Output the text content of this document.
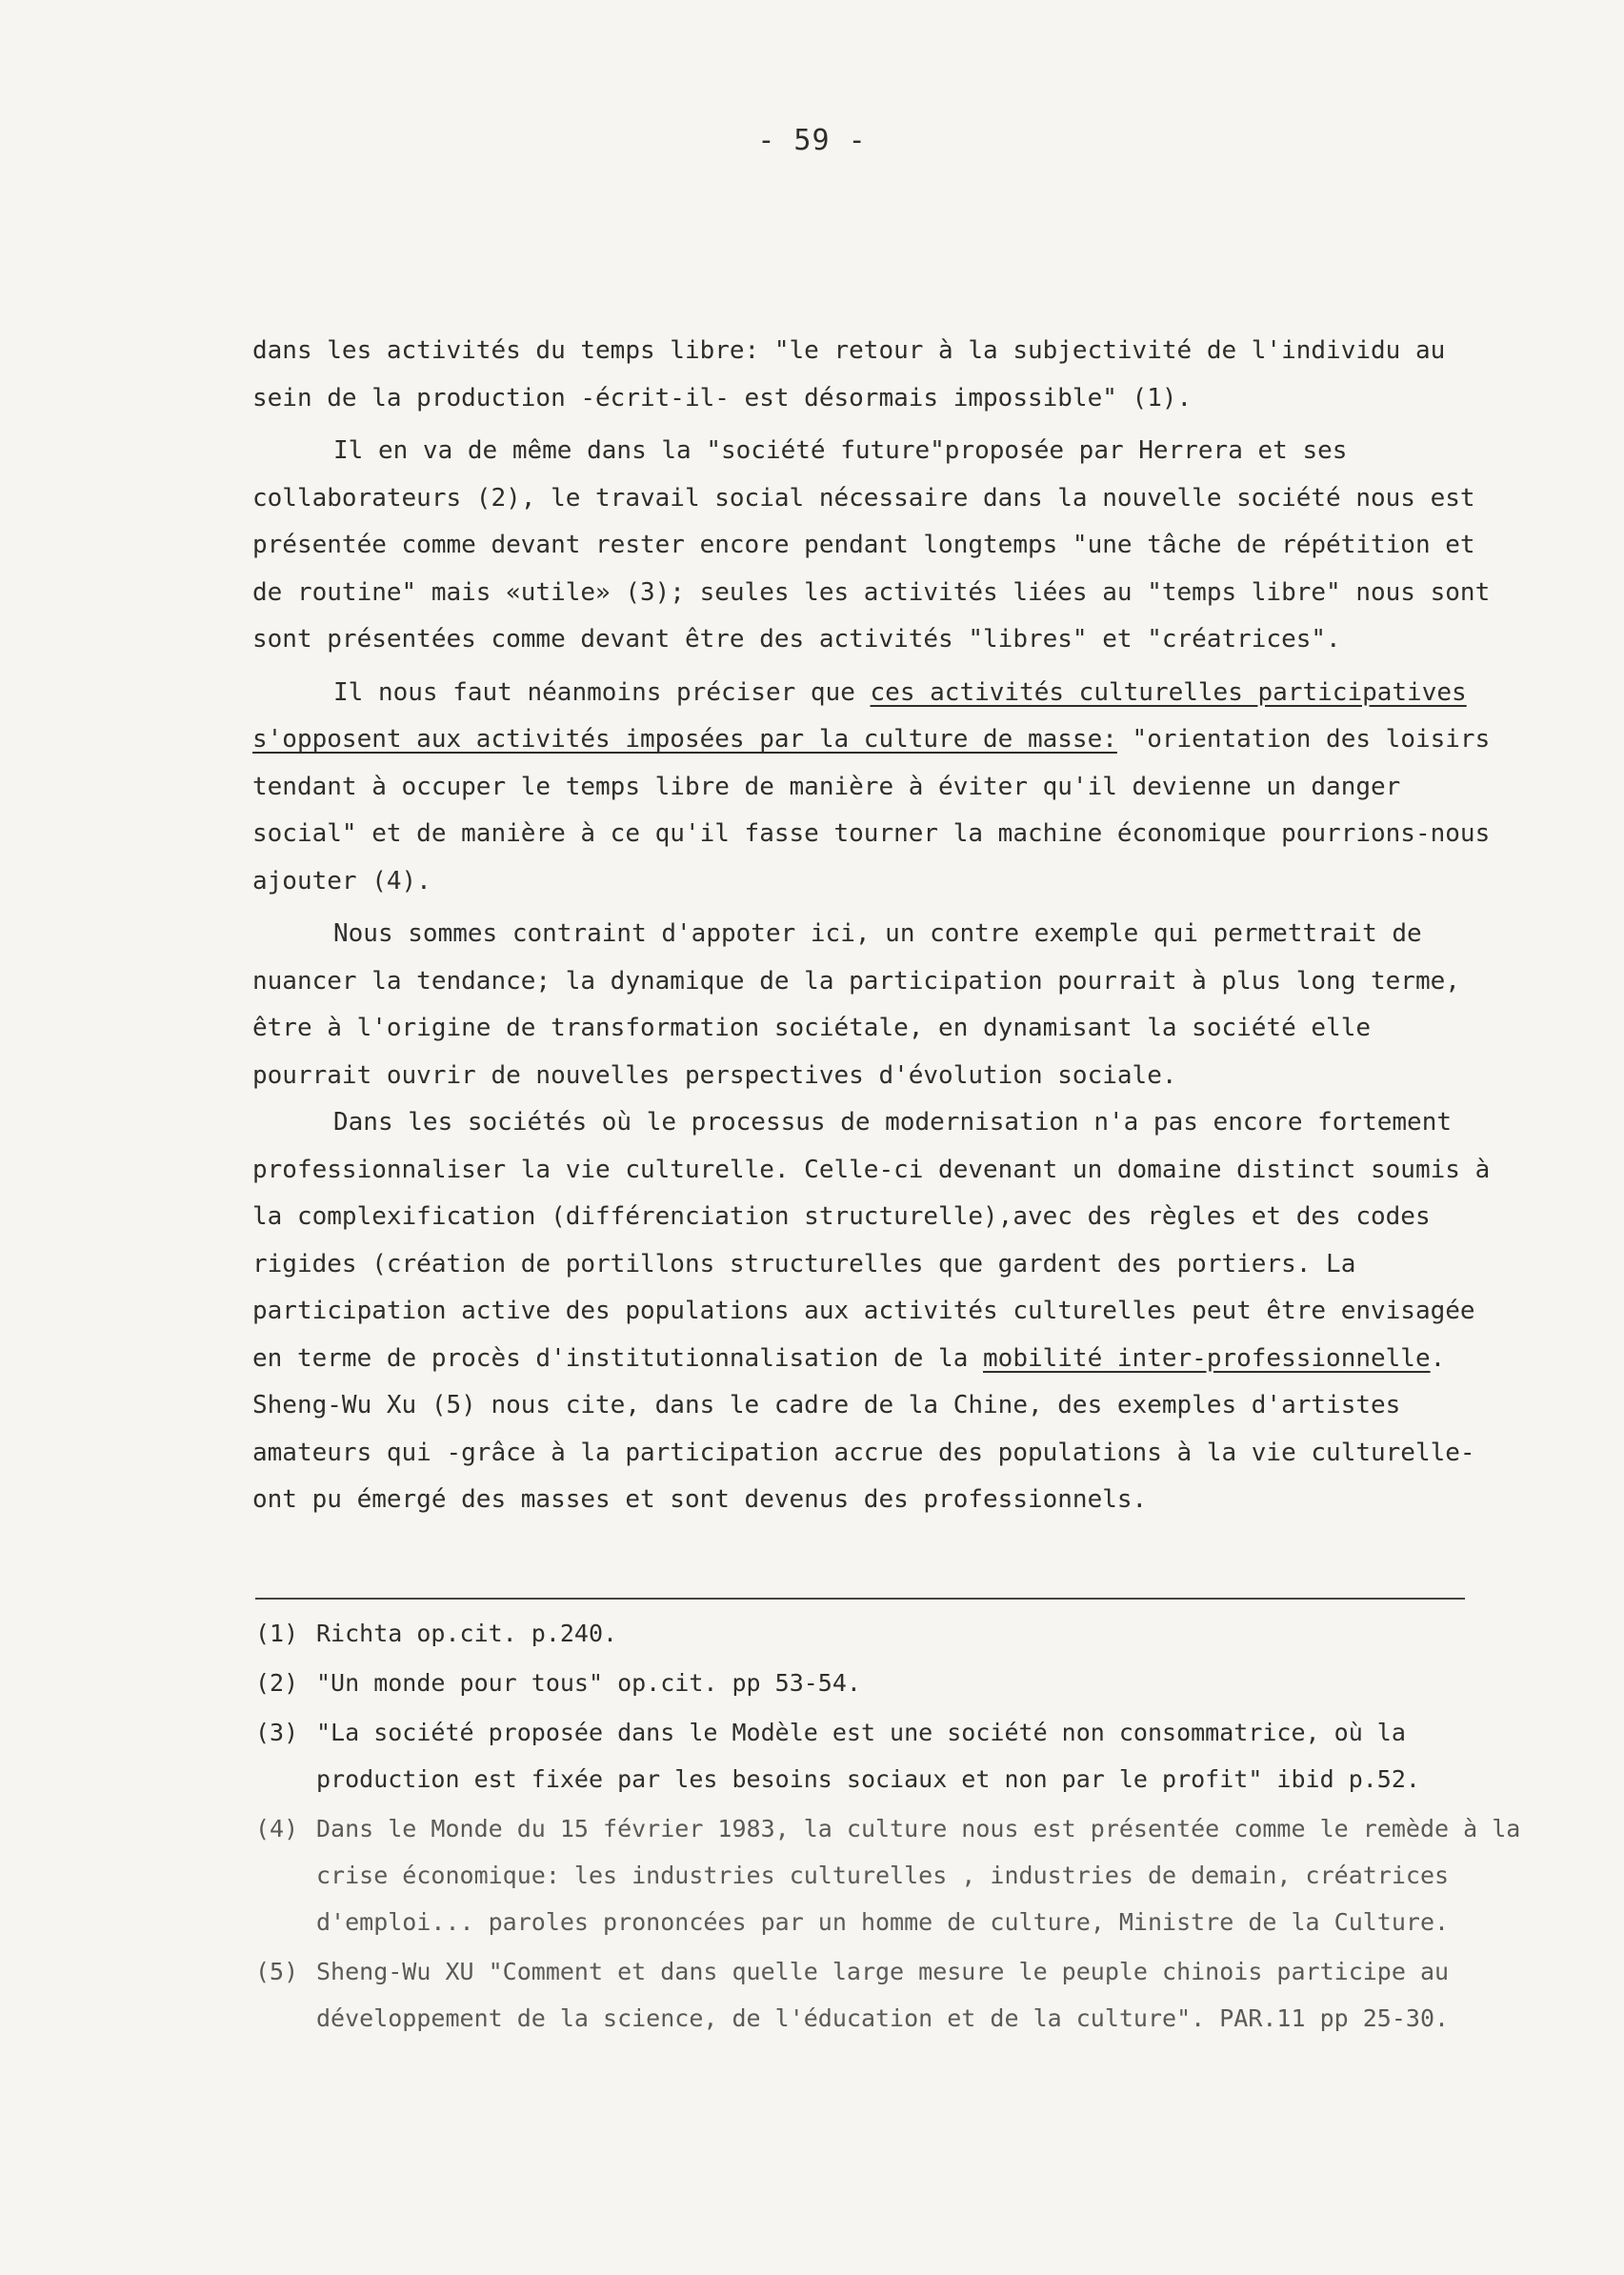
- 59 -

dans les activités du temps libre: "le retour à la subjectivité de l'individu au sein de la production -écrit-il- est désormais impossible" (1).

Il en va de même dans la "société future"proposée par Herrera et ses collaborateurs (2), le travail social nécessaire dans la nouvelle société nous est présentée comme devant rester encore pendant longtemps "une tâche de répétition et de routine" mais «utile» (3); seules les activités liées au "temps libre" nous sont sont présentées comme devant être des activités "libres" et "créatrices".

Il nous faut néanmoins préciser que ces activités culturelles participatives s'opposent aux activités imposées par la culture de masse: "orientation des loisirs tendant à occuper le temps libre de manière à éviter qu'il devienne un danger social" et de manière à ce qu'il fasse tourner la machine économique pourrions-nous ajouter (4).

Nous sommes contraint d'appoter ici, un contre exemple qui permettrait de nuancer la tendance; la dynamique de la participation pourrait à plus long terme, être à l'origine de transformation sociétale, en dynamisant la société elle pourrait ouvrir de nouvelles perspectives d'évolution sociale.

Dans les sociétés où le processus de modernisation n'a pas encore fortement professionnaliser la vie culturelle. Celle-ci devenant un domaine distinct soumis à la complexification (différenciation structurelle),avec des règles et des codes rigides (création de portillons structurelles que gardent des portiers. La participation active des populations aux activités culturelles peut être envisagée en terme de procès d'institutionnalisation de la mobilité inter-professionnelle. Sheng-Wu Xu (5) nous cite, dans le cadre de la Chine, des exemples d'artistes amateurs qui -grâce à la participation accrue des populations à la vie culturelle- ont pu émergé des masses et sont devenus des professionnels.

(1) Richta op.cit. p.240.
(2) "Un monde pour tous" op.cit. pp 53-54.
(3) "La société proposée dans le Modèle est une société non consommatrice, où la production est fixée par les besoins sociaux et non par le profit" ibid p.52.
(4) Dans le Monde du 15 février 1983, la culture nous est présentée comme le remède à la crise économique: les industries culturelles , industries de demain, créatrices d'emploi... paroles prononcées par un homme de culture, Ministre de la Culture.
(5) Sheng-Wu XU "Comment et dans quelle large mesure le peuple chinois participe au développement de la science, de l'éducation et de la culture". PAR.11 pp 25-30.
